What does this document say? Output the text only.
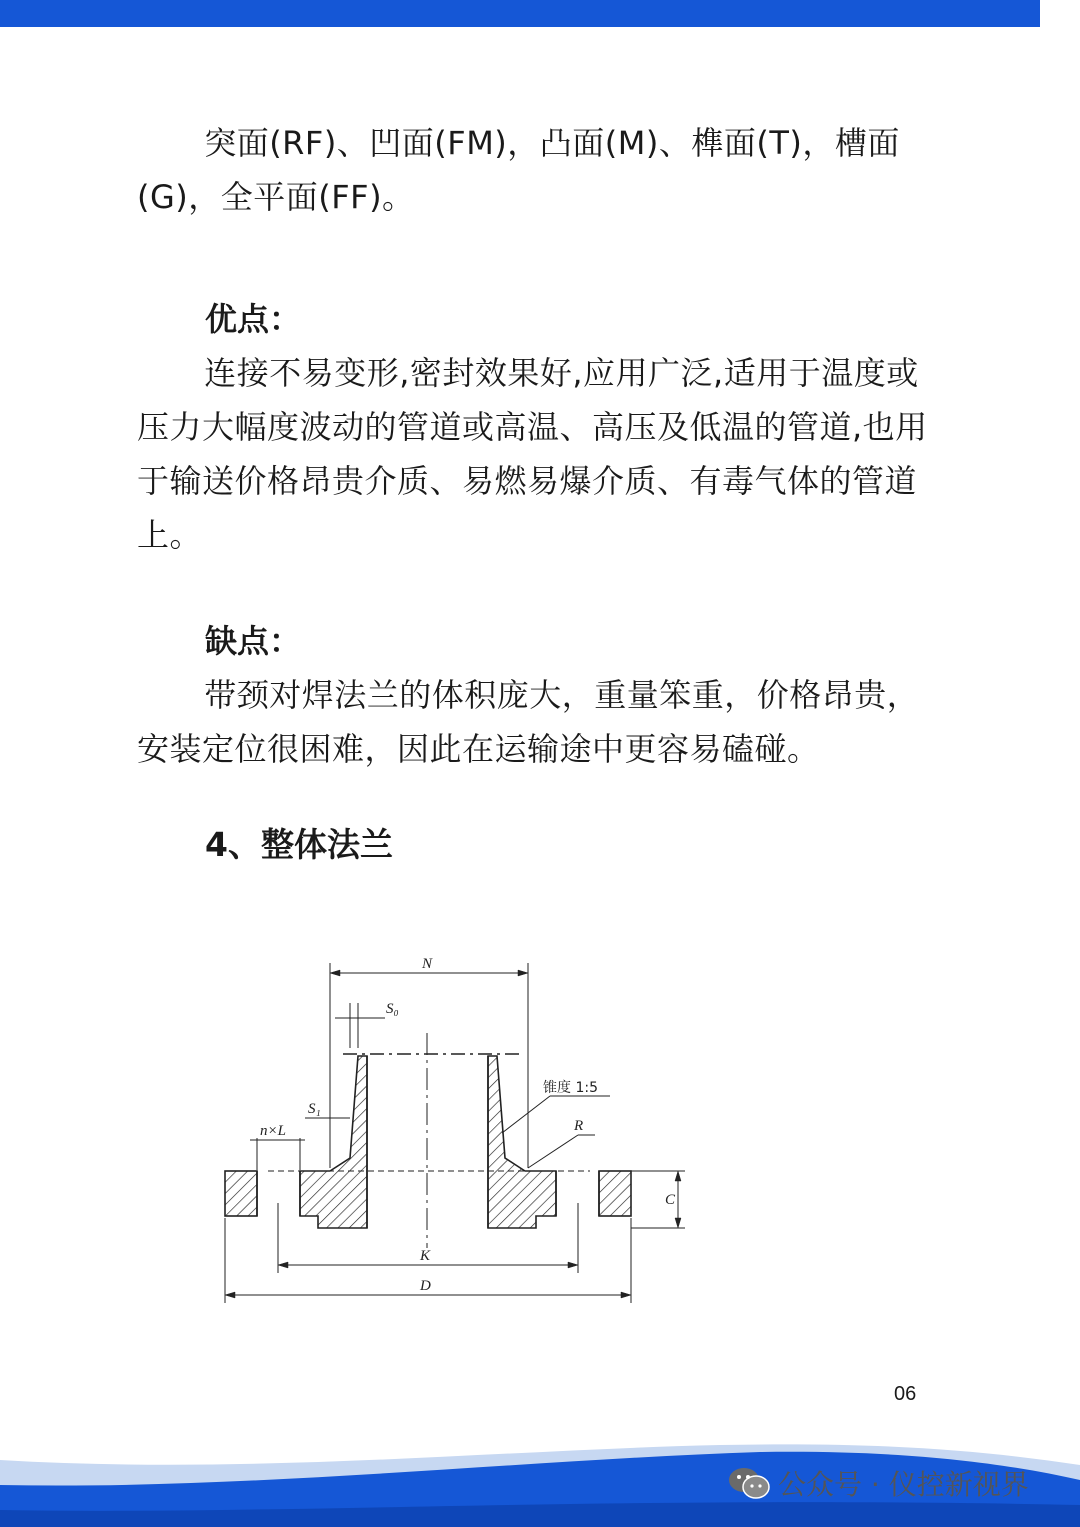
突面(RF)、凹面(FM)，凸面(M)、榫面(T)，槽面(G)，全平面(FF)。

优点：

连接不易变形,密封效果好,应用广泛,适用于温度或压力大幅度波动的管道或高温、高压及低温的管道,也用于输送价格昂贵介质、易燃易爆介质、有毒气体的管道上。

缺点：

带颈对焊法兰的体积庞大，重量笨重，价格昂贵，安装定位很困难，因此在运输途中更容易磕碰。

4、整体法兰
N
S₀
S₁
n×L
锥度 1:5
R
C
K
D
06
公众号 · 仪控新视界
